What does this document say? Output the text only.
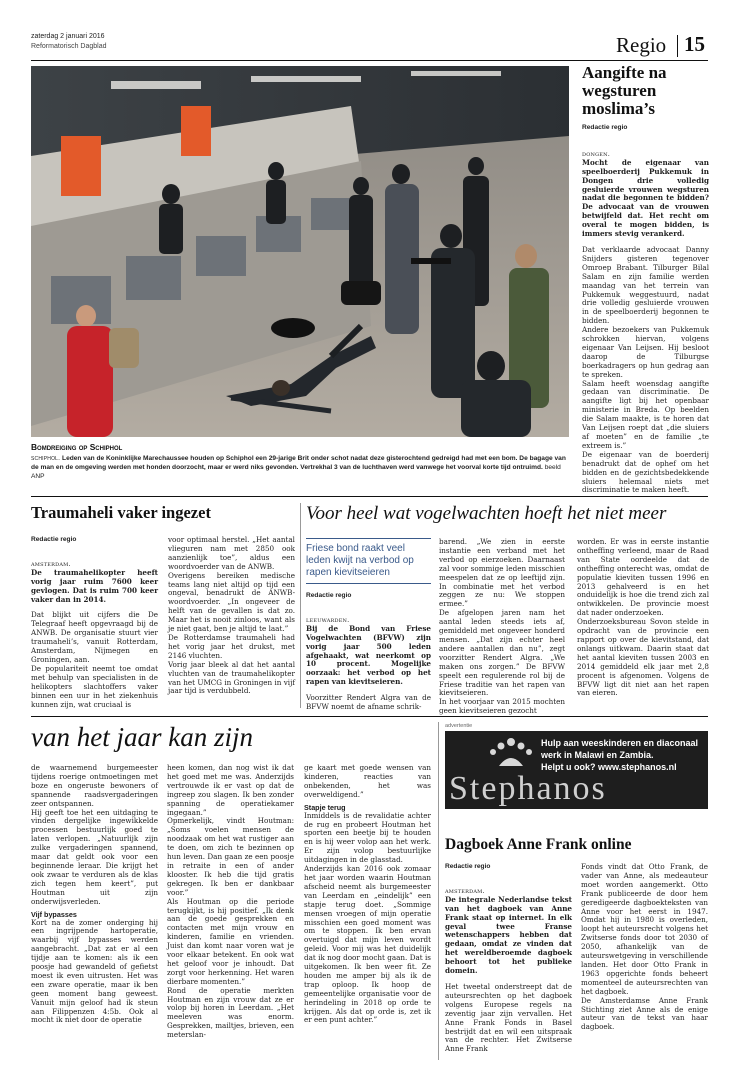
zaterdag 2 januari 2016
Reformatorisch Dagblad	Regio 15
Bomdreiging op Schiphol
schiphol. Leden van de Koninklijke Marechaussee houden op Schiphol een 29-jarige Brit onder schot nadat deze gisterochtend gedreigd had met een bom. De bagage van de man en de omgeving werden met honden doorzocht, maar er werd niks gevonden. Vertrekhal 3 van de luchthaven werd vanwege het voorval korte tijd ontruimd. beeld ANP
Aangifte na wegsturen moslima’s
Redactie regio

dongen.
Mocht de eigenaar van speelboerderij Pukkemuk in Dongen drie volledig gesluierde vrouwen wegsturen nadat die begonnen te bidden? De advocaat van de vrouwen betwijfeld dat. Het recht om overal te mogen bidden, is immers stevig verankerd.

Dat verklaarde advocaat Danny Snijders gisteren tegenover Omroep Brabant. Tilburger Bilal Salam en zijn familie werden maandag van het terrein van Pukkemuk weggestuurd, nadat drie volledig gesluierde vrouwen in de speelboerderij begonnen te bidden.
Andere bezoekers van Pukkemuk schrokken hiervan, volgens eigenaar Van Leijsen. Hij besloot daarop de Tilburgse boerkadragers op hun gedrag aan te spreken.
Salam heeft woensdag aangifte gedaan van discriminatie. De aangifte ligt bij het openbaar ministerie in Breda. Op beelden die Salam maakte, is te horen dat Van Leijsen roept dat „die sluiers af moeten” en de familie „te extreem is.”
De eigenaar van de boerderij benadrukt dat de ophef om het bidden en de gezichtsbedekkende sluiers helemaal niets met discriminatie te maken heeft.
Traumaheli vaker ingezet
Redactie regio

amsterdam.
De traumahelikopter heeft vorig jaar ruim 7600 keer gevlogen. Dat is ruim 700 keer vaker dan in 2014.

Dat blijkt uit cijfers die De Telegraaf heeft opgevraagd bij de ANWB. De organisatie stuurt vier traumaheli’s, vanuit Rotterdam, Amsterdam, Nijmegen en Groningen, aan.
De populariteit neemt toe omdat met behulp van specialisten in de helikopters slachtoffers vaker binnen een uur in het ziekenhuis kunnen zijn, wat cruciaal is
voor optimaal herstel. „Het aantal vlieguren nam met 2850 ook aanzienlijk toe”, aldus een woordvoerder van de ANWB.
Overigens bereiken medische teams lang niet altijd op tijd een ongeval, benadrukt de ANWB-woordvoerder. „In ongeveer de helft van de gevallen is dat zo. Maar het is nooit zinloos, want als je niet gaat, ben je altijd te laat.”
De Rotterdamse traumaheli had het vorig jaar het drukst, met 2146 vluchten.
Vorig jaar bleek al dat het aantal vluchten van de traumahelikopter van het UMCG in Groningen in vijf jaar tijd is verdubbeld.
Voor heel wat vogelwachten hoeft het niet meer
Friese bond raakt veel leden kwijt na verbod op rapen kievitseieren
Redactie regio

leeuwarden.
Bij de Bond van Friese Vogelwachten (BFVW) zijn vorig jaar 500 leden afgehaakt, wat neerkomt op 10 procent. Mogelijke oorzaak: het verbod op het rapen van kievitseieren.

Voorzitter Rendert Algra van de BFVW noemt de afname schrik-
barend. „We zien in eerste instantie een verband met het verbod op eierzoeken. Daarnaast zal voor sommige leden misschien meespelen dat ze op leeftijd zijn. In combinatie met het verbod zeggen ze nu: We stoppen ermee.”
De afgelopen jaren nam het aantal leden steeds iets af, gemiddeld met ongeveer honderd mensen. „Dat zijn echter heel andere aantallen dan nu”, zegt voorzitter Rendert Algra. „We maken ons zorgen.” De BFVW speelt een regulerende rol bij de Friese traditie van het rapen van kievitseieren.
In het voorjaar van 2015 mochten geen kievitseieren gezocht
worden. Er was in eerste instantie ontheffing verleend, maar de Raad van State oordeelde dat de ontheffing onterecht was, omdat de populatie kieviten tussen 1996 en 2013 gehalveerd is en het onduidelijk is hoe die trend zich zal ontwikkelen. De provincie moest dat nader onderzoeken.
Onderzoeksbureau Sovon stelde in opdracht van de provincie een rapport op over de kievitstand, dat onlangs uitkwam. Daarin staat dat het aantal kieviten tussen 2003 en 2014 gemiddeld elk jaar met 2,8 procent is afgenomen. Volgens de BFVW ligt dit niet aan het rapen van eieren.
van het jaar kan zijn
de waarnemend burgemeester tijdens roerige ontmoetingen met boze en ongeruste bewoners of spannende raadsvergaderingen zeer ontspannen.
Hij geeft toe het een uitdaging te vinden dergelijke ingewikkelde processen bestuurlijk goed te laten verlopen. „Natuurlijk zijn zulke vergaderingen spannend, maar dat geldt ook voor een beginnende leraar. Die krijgt het ook zwaar te verduren als de klas zich tegen hem keert”, put Houtman uit zijn onderwijsverleden.
Vijf bypasses
Kort na de zomer onderging hij een ingrijpende hartoperatie, waarbij vijf bypasses werden aangebracht. „Dat zat er al een tijdje aan te komen: als ik een poosje had gewandeld of gefietst moest ik even uitrusten. Het was een zware operatie, maar ik ben geen moment bang geweest. Vanuit mijn geloof had ik steun aan Filippenzen 4:5b. Ook al mocht ik niet door de operatie
heen komen, dan nog wist ik dat het goed met me was. Anderzijds vertrouwde ik er vast op dat de ingreep zou slagen. Ik ben zonder spanning de operatiekamer ingegaan.”
Opmerkelijk, vindt Houtman: „Soms voelen mensen de noodzaak om het wat rustiger aan te doen, om zich te bezinnen op hun leven. Dan gaan ze een poosje in retraite in een of ander klooster. Ik heb die tijd gratis gekregen. Ik ben er dankbaar voor.”
Als Houtman op die periode terugkijkt, is hij positief. „Ik denk aan de goede gesprekken en contacten met mijn vrouw en kinderen, familie en vrienden. Juist dan komt naar voren wat je voor elkaar betekent. En ook wat het geloof voor je inhoudt. Dat zorgt voor herkenning. Het waren dierbare momenten.”
Rond de operatie merkten Houtman en zijn vrouw dat ze er volop bij horen in Leerdam. „Het meeleven was enorm. Gesprekken, mailtjes, brieven, een meterslan-
ge kaart met goede wensen van kinderen, reacties van onbekenden, het was overweldigend.”
Stapje terug
Inmiddels is de revalidatie achter de rug en probeert Houtman het sporten een beetje bij te houden en is hij weer volop aan het werk. Er zijn volop bestuurlijke uitdagingen in de glasstad.
Anderzijds kan 2016 ook zomaar het jaar worden waarin Houtman afscheid neemt als burgemeester van Leerdam en „eindelijk” een stapje terug doet. „Sommige mensen vroegen of mijn operatie misschien een goed moment was om te stoppen. Ik ben ervan overtuigd dat mijn leven wordt geleid. Voor mij was het duidelijk dat ik nog door mocht gaan. Dat is uitgekomen. Ik ben weer fit. Ze houden me amper bij als ik de trap oploop. Ik hoop de gemeentelijke organisatie voor de herindeling in 2018 op orde te krijgen. Als dat op orde is, zet ik er een punt achter.”
advertentie
Hulp aan weeskinderen en diaconaal
werk in Malawi en Zambia.
Helpt u ook? www.stephanos.nl
Stephanos
Dagboek Anne Frank online
Redactie regio

amsterdam.
De integrale Nederlandse tekst van het dagboek van Anne Frank staat op internet. In elk geval twee Franse wetenschappers hebben dat gedaan, omdat ze vinden dat het wereldberoemde dagboek behoort tot het publieke domein.

Het tweetal onderstreept dat de auteursrechten op het dagboek volgens Europese regels na zeventig jaar zijn vervallen. Het Anne Frank Fonds in Basel bestrijdt dat en wil een uitspraak van de rechter. Het Zwitserse Anne Frank
Fonds vindt dat Otto Frank, de vader van Anne, als medeauteur moet worden aangemerkt. Otto Frank publiceerde de door hem geredigeerde dagboekteksten van Anne voor het eerst in 1947. Omdat hij in 1980 is overleden, loopt het auteursrecht volgens het Zwitserse fonds door tot 2030 of 2050, afhankelijk van de auteurswetgeving in verschillende landen. Het door Otto Frank in 1963 opgerichte fonds beheert momenteel de auteursrechten van het dagboek.
De Amsterdamse Anne Frank Stichting ziet Anne als de enige auteur van de tekst van haar dagboek.
